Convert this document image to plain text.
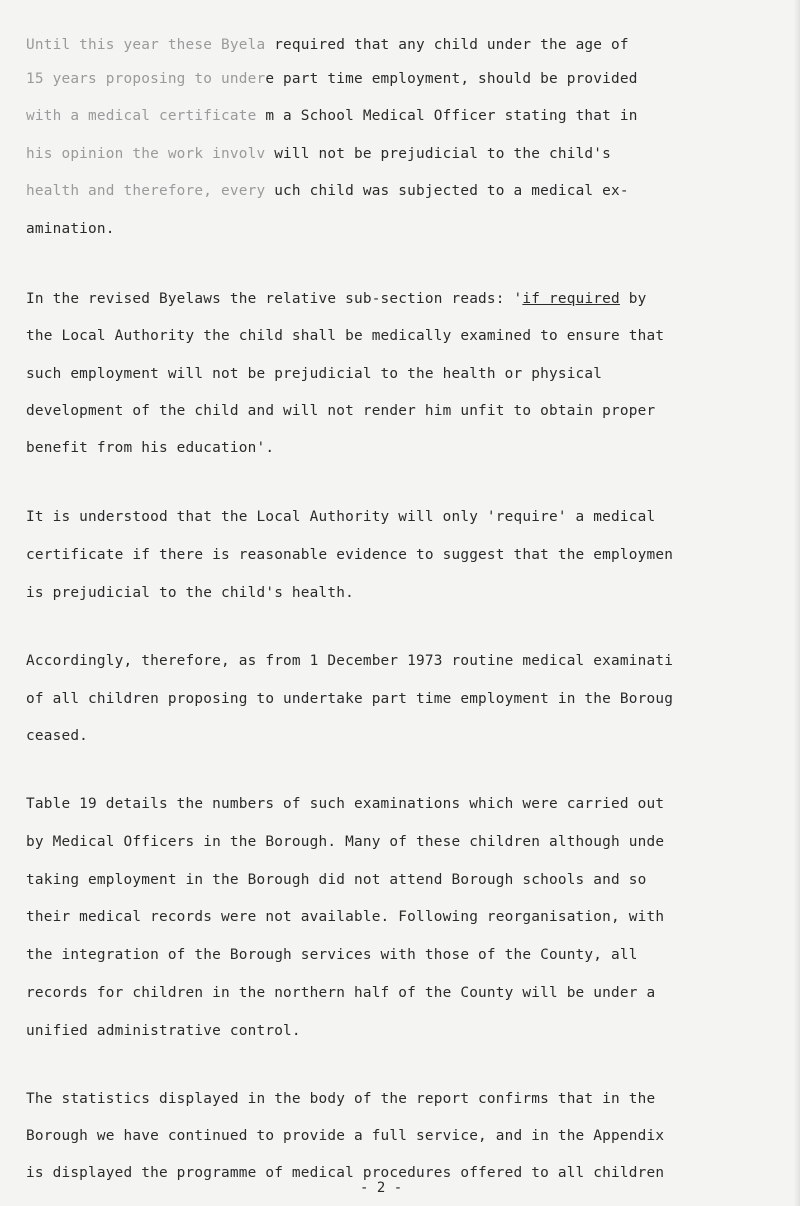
Until this year these Byela required that any child under the age of
15 years proposing to undere part time employment, should be provided
with a medical certificate m a School Medical Officer stating that in
his opinion the work involv will not be prejudicial to the child's
health and therefore, every uch child was subjected to a medical ex-
amination.
In the revised Byelaws the relative sub-section reads: 'if required by
the Local Authority the child shall be medically examined to ensure that
such employment will not be prejudicial to the health or physical
development of the child and will not render him unfit to obtain proper
benefit from his education'.
It is understood that the Local Authority will only 'require' a medical
certificate if there is reasonable evidence to suggest that the employmen
is prejudicial to the child's health.
Accordingly, therefore, as from 1 December 1973 routine medical examinati
of all children proposing to undertake part time employment in the Boroug
ceased.
Table 19 details the numbers of such examinations which were carried out
by Medical Officers in the Borough. Many of these children although unde
taking employment in the Borough did not attend Borough schools and so
their medical records were not available. Following reorganisation, with
the integration of the Borough services with those of the County, all
records for children in the northern half of the County will be under a
unified administrative control.
The statistics displayed in the body of the report confirms that in the
Borough we have continued to provide a full service, and in the Appendix
is displayed the programme of medical procedures offered to all children
- 2 -
